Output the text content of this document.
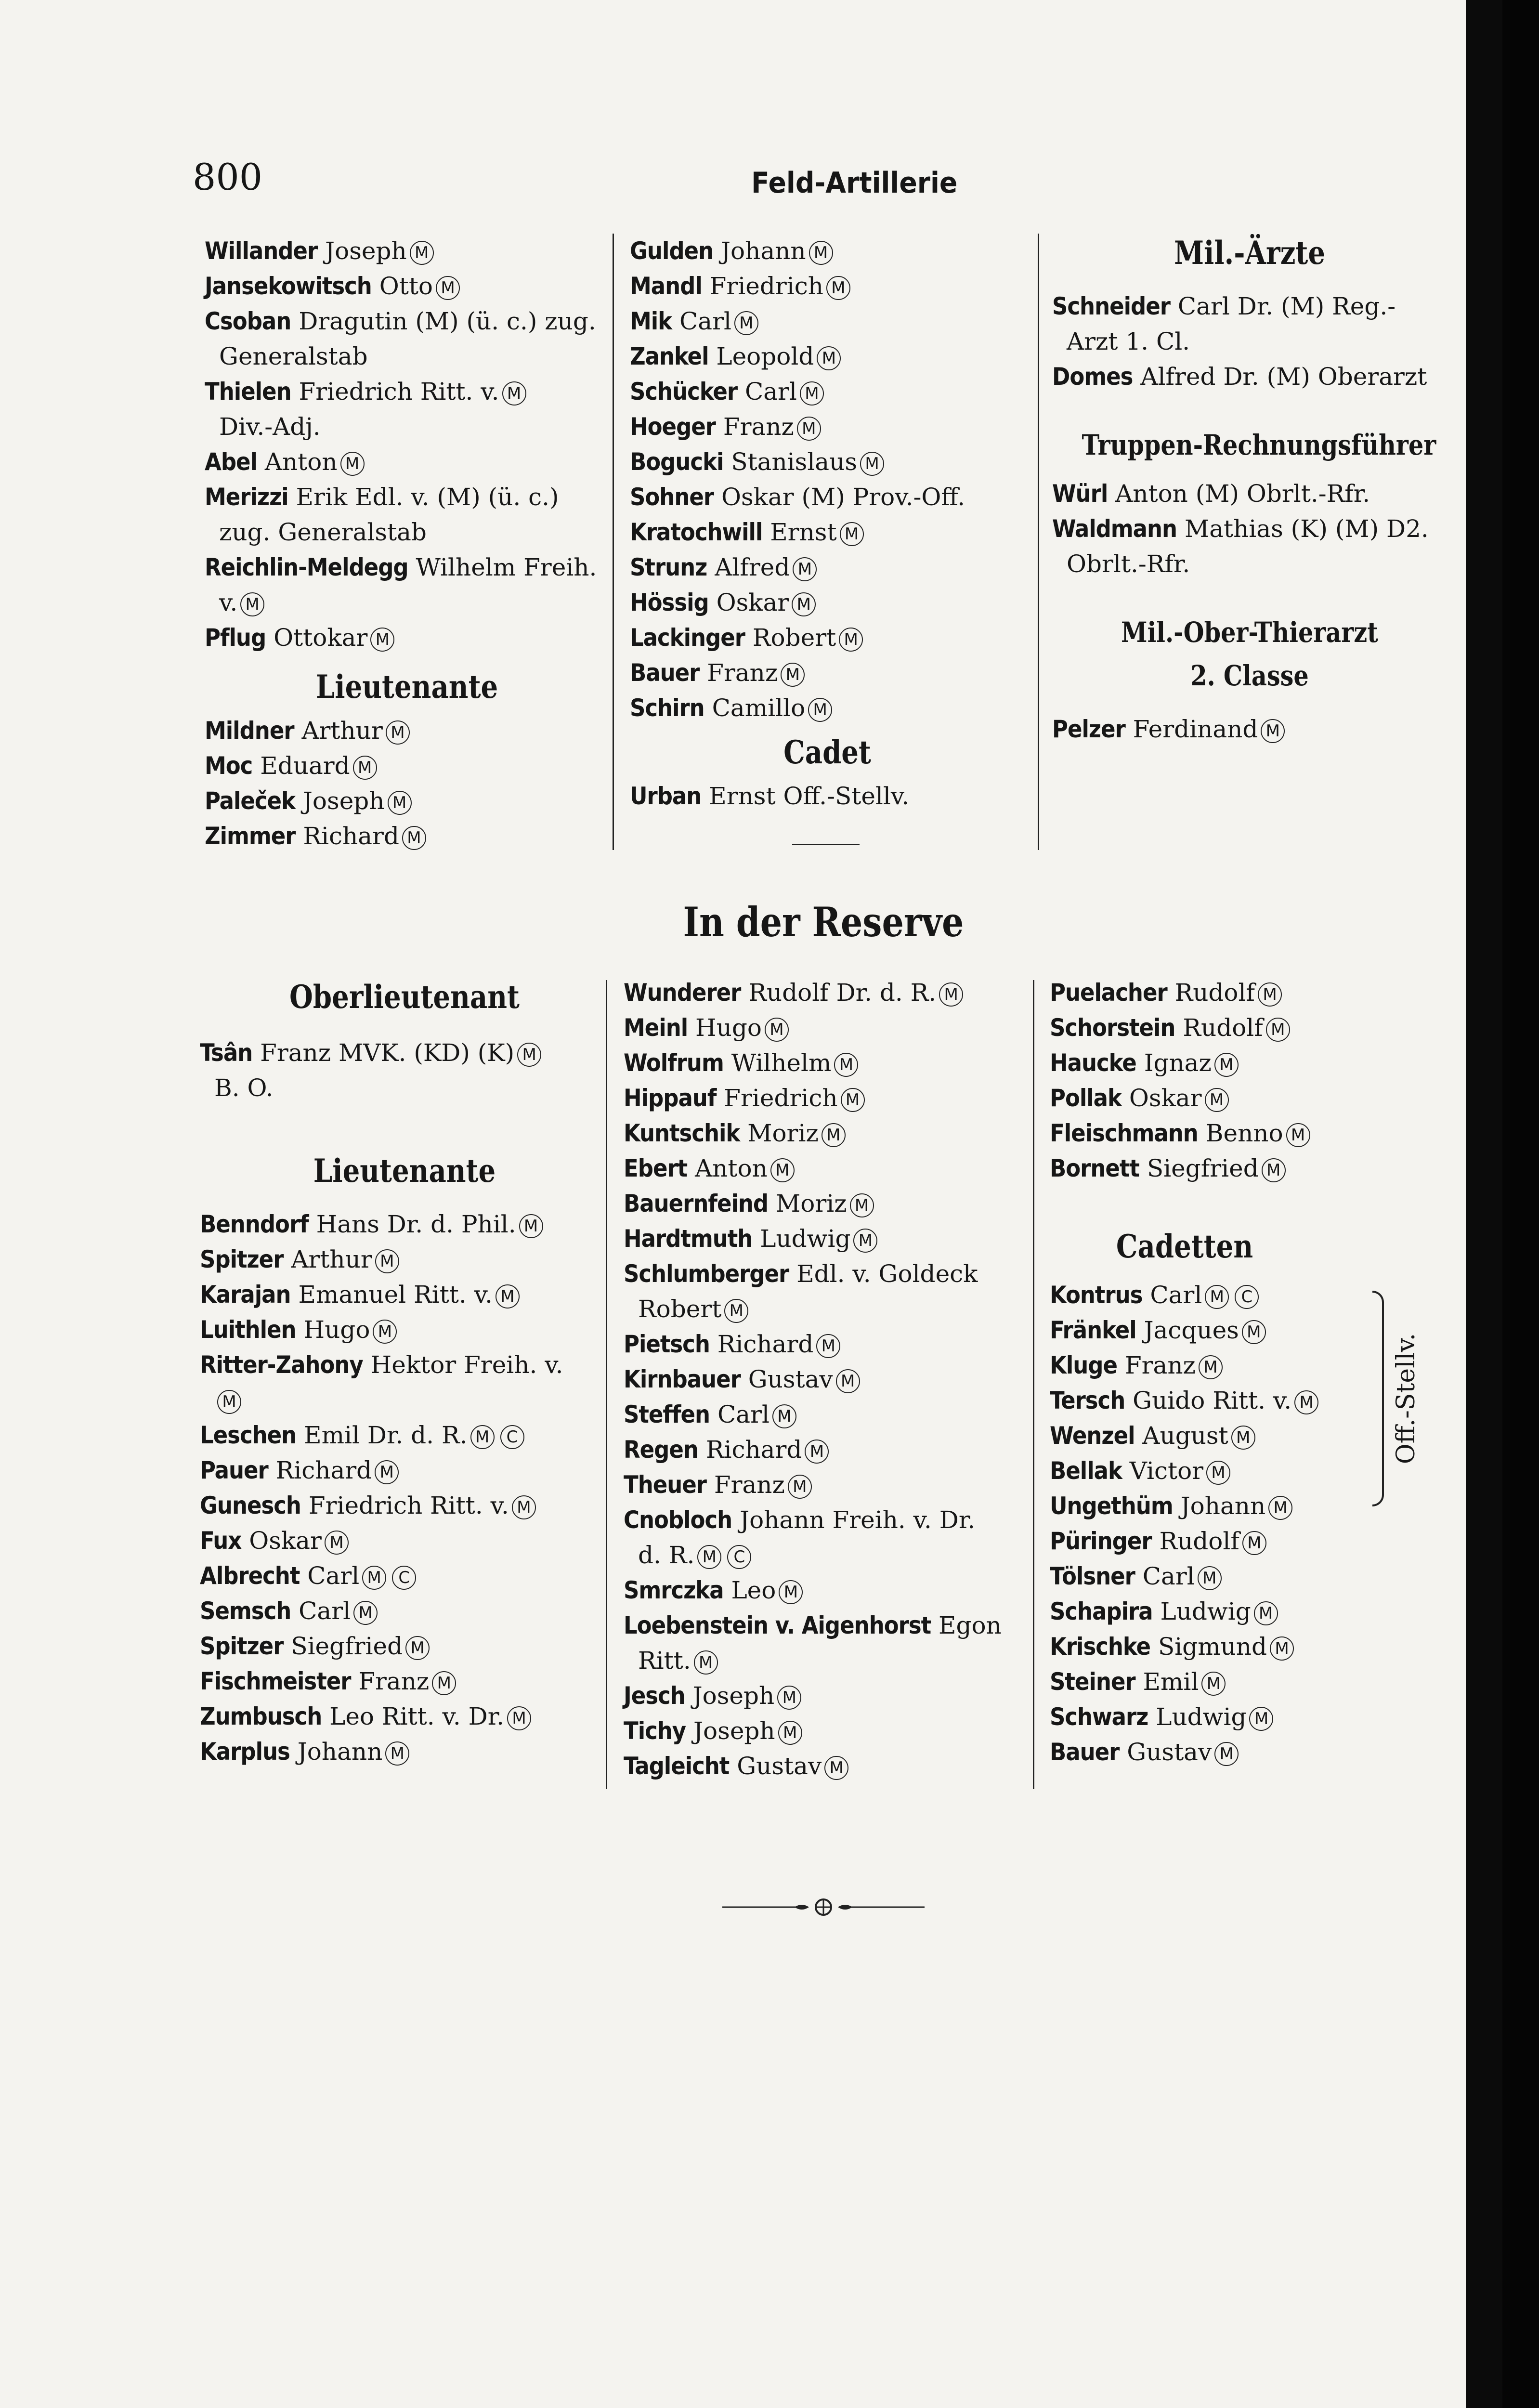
800	Feld-Artillerie
Willander Joseph M
Jansekowitsch Otto M
Csoban Dragutin (M) (ü. c.) zug.
Generalstab
Thielen Friedrich Ritt. v. M
Div.-Adj.
Abel Anton M
Merizzi Erik Edl. v. (M) (ü. c.)
zug. Generalstab
Reichlin-Meldegg Wilhelm Freih.
v. M
Pflug Ottokar M
Lieutenante
Mildner Arthur M
Moc Eduard M
Paleček Joseph M
Zimmer Richard M
Gulden Johann M
Mandl Friedrich M
Mik Carl M
Zankel Leopold M
Schücker Carl M
Hoeger Franz M
Bogucki Stanislaus M
Sohner Oskar (M) Prov.-Off.
Kratochwill Ernst M
Strunz Alfred M
Hössig Oskar M
Lackinger Robert M
Bauer Franz M
Schirn Camillo M
Cadet
Urban Ernst Off.-Stellv.
Mil.-Ärzte
Schneider Carl Dr. (M) Reg.-
Arzt 1. Cl.
Domes Alfred Dr. (M) Oberarzt
Truppen-Rechnungsführer
Würl Anton (M) Obrlt.-Rfr.
Waldmann Mathias (K) (M) D2.
Obrlt.-Rfr.
Mil.-Ober-Thierarzt
2. Classe
Pelzer Ferdinand M
In der Reserve
Oberlieutenant
Tsân Franz MVK. (KD) (K) M
B. O.
Lieutenante
Benndorf Hans Dr. d. Phil. M
Spitzer Arthur M
Karajan Emanuel Ritt. v. M
Luithlen Hugo M
Ritter-Zahony Hektor Freih. v.
M
Leschen Emil Dr. d. R. M C
Pauer Richard M
Gunesch Friedrich Ritt. v. M
Fux Oskar M
Albrecht Carl M C
Semsch Carl M
Spitzer Siegfried M
Fischmeister Franz M
Zumbusch Leo Ritt. v. Dr. M
Karplus Johann M
Wunderer Rudolf Dr. d. R. M
Meinl Hugo M
Wolfrum Wilhelm M
Hippauf Friedrich M
Kuntschik Moriz M
Ebert Anton M
Bauernfeind Moriz M
Hardtmuth Ludwig M
Schlumberger Edl. v. Goldeck
Robert M
Pietsch Richard M
Kirnbauer Gustav M
Steffen Carl M
Regen Richard M
Theuer Franz M
Cnobloch Johann Freih. v. Dr.
d. R. M C
Smrczka Leo M
Loebenstein v. Aigenhorst Egon
Ritt. M
Jesch Joseph M
Tichy Joseph M
Tagleicht Gustav M
Puelacher Rudolf M
Schorstein Rudolf M
Haucke Ignaz M
Pollak Oskar M
Fleischmann Benno M
Bornett Siegfried M
Cadetten
Kontrus Carl M C
Fränkel Jacques M
Kluge Franz M
Tersch Guido Ritt. v. M
Wenzel August M
Bellak Victor M
Ungethüm Johann M
Püringer Rudolf M
Tölsner Carl M
Schapira Ludwig M
Krischke Sigmund M
Steiner Emil M
Schwarz Ludwig M
Bauer Gustav M
Off.-Stellv.
